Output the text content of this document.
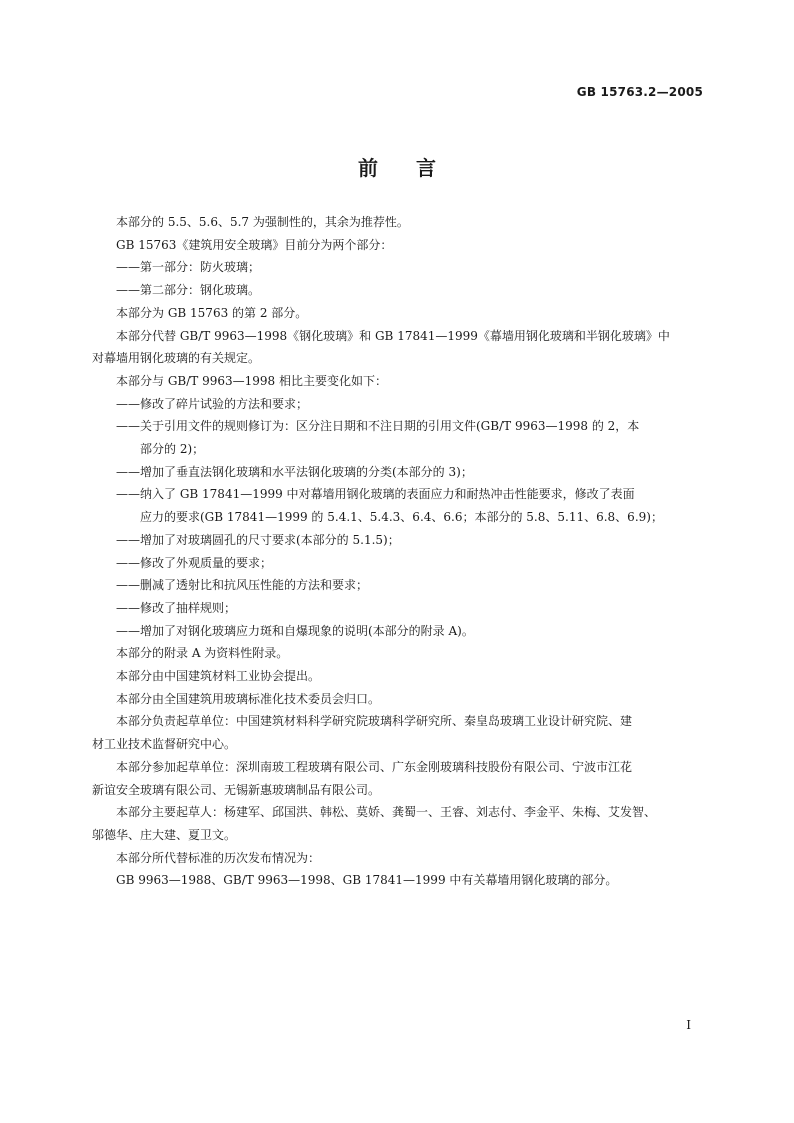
GB 15763.2—2005
前 言

本部分的 5.5、5.6、5.7 为强制性的，其余为推荐性。

GB 15763《建筑用安全玻璃》目前分为两个部分：

——第一部分：防火玻璃；

——第二部分：钢化玻璃。

本部分为 GB 15763 的第 2 部分。

本部分代替 GB/T 9963—1998《钢化玻璃》和 GB 17841—1999《幕墙用钢化玻璃和半钢化玻璃》中

对幕墙用钢化玻璃的有关规定。

本部分与 GB/T 9963—1998 相比主要变化如下：

——修改了碎片试验的方法和要求；

——关于引用文件的规则修订为：区分注日期和不注日期的引用文件(GB/T 9963—1998 的 2，本

部分的 2)；

——增加了垂直法钢化玻璃和水平法钢化玻璃的分类(本部分的 3)；

——纳入了 GB 17841—1999 中对幕墙用钢化玻璃的表面应力和耐热冲击性能要求，修改了表面

应力的要求(GB 17841—1999 的 5.4.1、5.4.3、6.4、6.6；本部分的 5.8、5.11、6.8、6.9)；

——增加了对玻璃圆孔的尺寸要求(本部分的 5.1.5)；

——修改了外观质量的要求；

——删减了透射比和抗风压性能的方法和要求；

——修改了抽样规则；

——增加了对钢化玻璃应力斑和自爆现象的说明(本部分的附录 A)。

本部分的附录 A 为资料性附录。

本部分由中国建筑材料工业协会提出。

本部分由全国建筑用玻璃标准化技术委员会归口。

本部分负责起草单位：中国建筑材料科学研究院玻璃科学研究所、秦皇岛玻璃工业设计研究院、建

材工业技术监督研究中心。

本部分参加起草单位：深圳南玻工程玻璃有限公司、广东金刚玻璃科技股份有限公司、宁波市江花

新谊安全玻璃有限公司、无锡新惠玻璃制品有限公司。

本部分主要起草人：杨建军、邱国洪、韩松、莫娇、龚蜀一、王睿、刘志付、李金平、朱梅、艾发智、

邬德华、庄大建、夏卫文。

本部分所代替标准的历次发布情况为：

GB 9963—1988、GB/T 9963—1998、GB 17841—1999 中有关幕墙用钢化玻璃的部分。

I
